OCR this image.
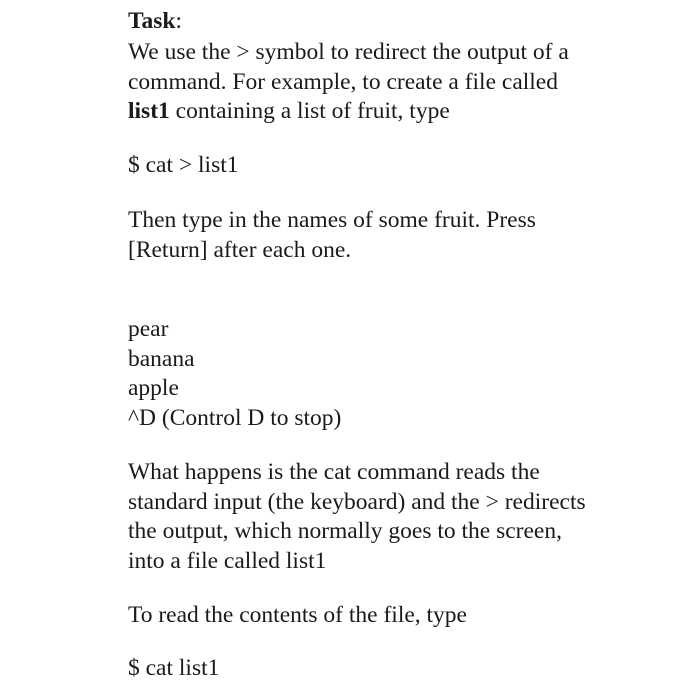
Task:
We use the > symbol to redirect the output of a
command. For example, to create a file called
list1 containing a list of fruit, type
$ cat > list1
Then type in the names of some fruit. Press
[Return] after each one.
pear
banana
apple
^D (Control D to stop)
What happens is the cat command reads the
standard input (the keyboard) and the > redirects
the output, which normally goes to the screen,
into a file called list1
To read the contents of the file, type
$ cat list1
